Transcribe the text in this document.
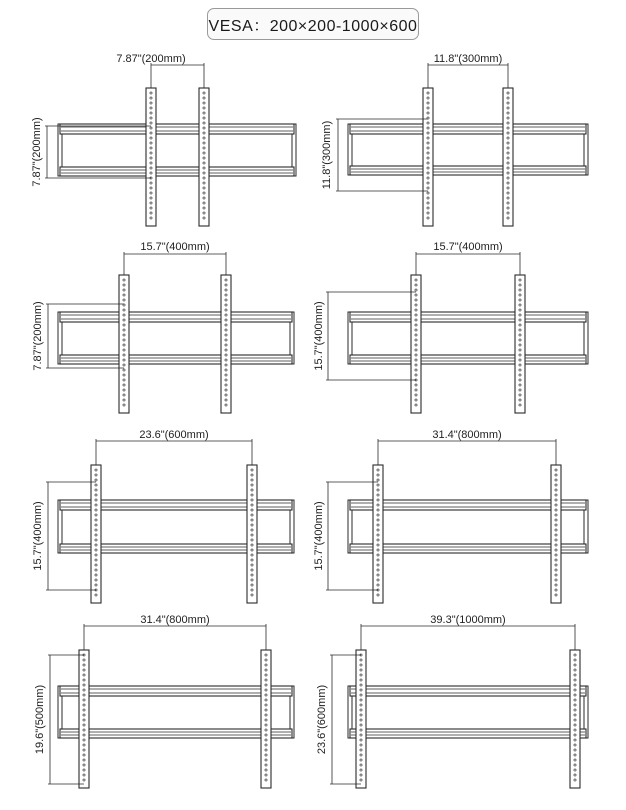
VESA：200×200-1000×600
7.87"(200mm)
7.87"(200mm)
11.8"(300mm)
11.8"(300mm)
15.7"(400mm)
7.87"(200mm)
15.7"(400mm)
15.7"(400mm)
23.6"(600mm)
15.7"(400mm)
31.4"(800mm)
15.7"(400mm)
31.4"(800mm)
19.6"(500mm)
39.3"(1000mm)
23.6"(600mm)
